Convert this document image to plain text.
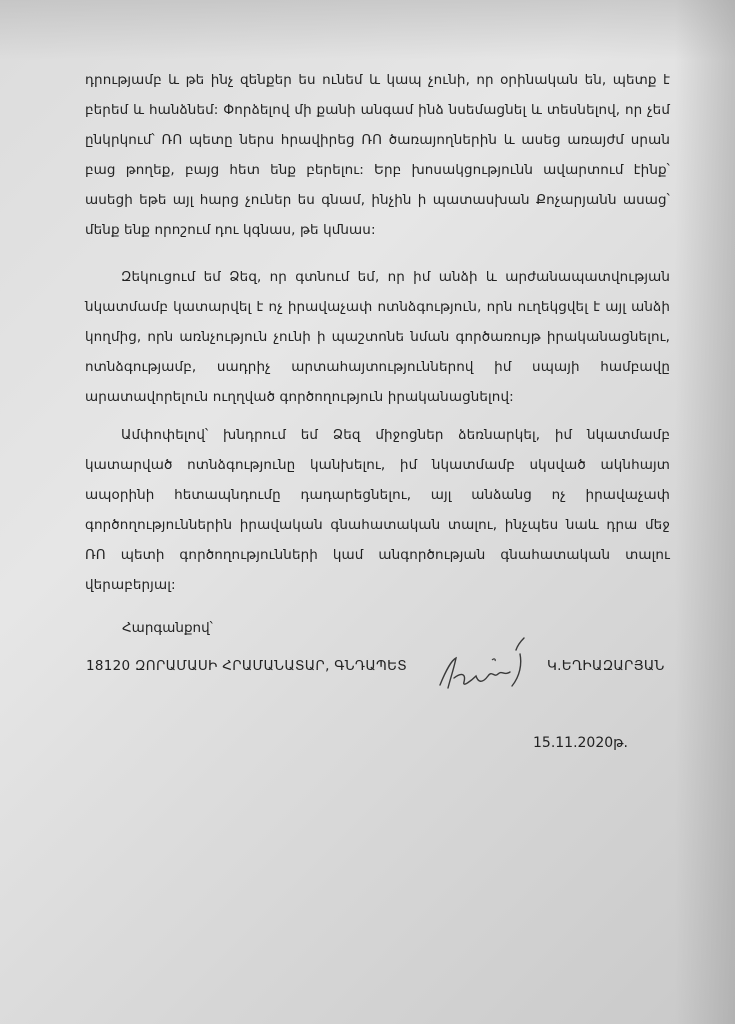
դրությամբ և թե ինչ զենքեր ես ունեմ և կապ չունի, որ օրինական են, պետք է բերեմ և հանձնեմ: Փորձելով մի քանի անգամ ինձ նսեմացնել և տեսնելով, որ չեմ ընկրկում՝ ՌՈ պետը ներս հրավիրեց ՌՈ ծառայողներին և ասեց առայժմ սրան բաց թողեք, բայց հետ ենք բերելու: Երբ խոսակցությունն ավարտում էինք՝ ասեցի եթե այլ հարց չուներ ես գնամ, ինչին ի պատասխան Քոչարյանն ասաց՝ մենք ենք որոշում դու կգնաս, թե կմնաս:

Զեկուցում եմ Ձեզ, որ գտնում եմ, որ իմ անձի և արժանապատվության նկատմամբ կատարվել է ոչ իրավաչափ ոտնձգություն, որն ուղեկցվել է այլ անձի կողմից, որն առնչություն չունի ի պաշտոնե նման գործառույթ իրականացնելու, ոտնձգությամբ, սադրիչ արտահայտություններով իմ սպայի համբավը արատավորելուն ուղղված գործողություն իրականացնելով:

Ամփոփելով՝ խնդրում եմ Ձեզ միջոցներ ձեռնարկել, իմ նկատմամբ կատարված ոտնձգությունը կանխելու, իմ նկատմամբ սկսված ակնհայտ ապօրինի հետապնդումը դադարեցնելու, այլ անձանց ոչ իրավաչափ գործողություններին իրավական գնահատական տալու, ինչպես նաև դրա մեջ ՌՈ պետի գործողությունների կամ անգործության գնահատական տալու վերաբերյալ:

Հարգանքով՝
18120 ԶՈՐԱՄԱՍԻ ՀՐԱՄԱՆԱՏԱՐ, ԳՆԴԱՊԵՏ	Կ.ԵՂԻԱԶԱՐՅԱՆ
15.11.2020թ.
